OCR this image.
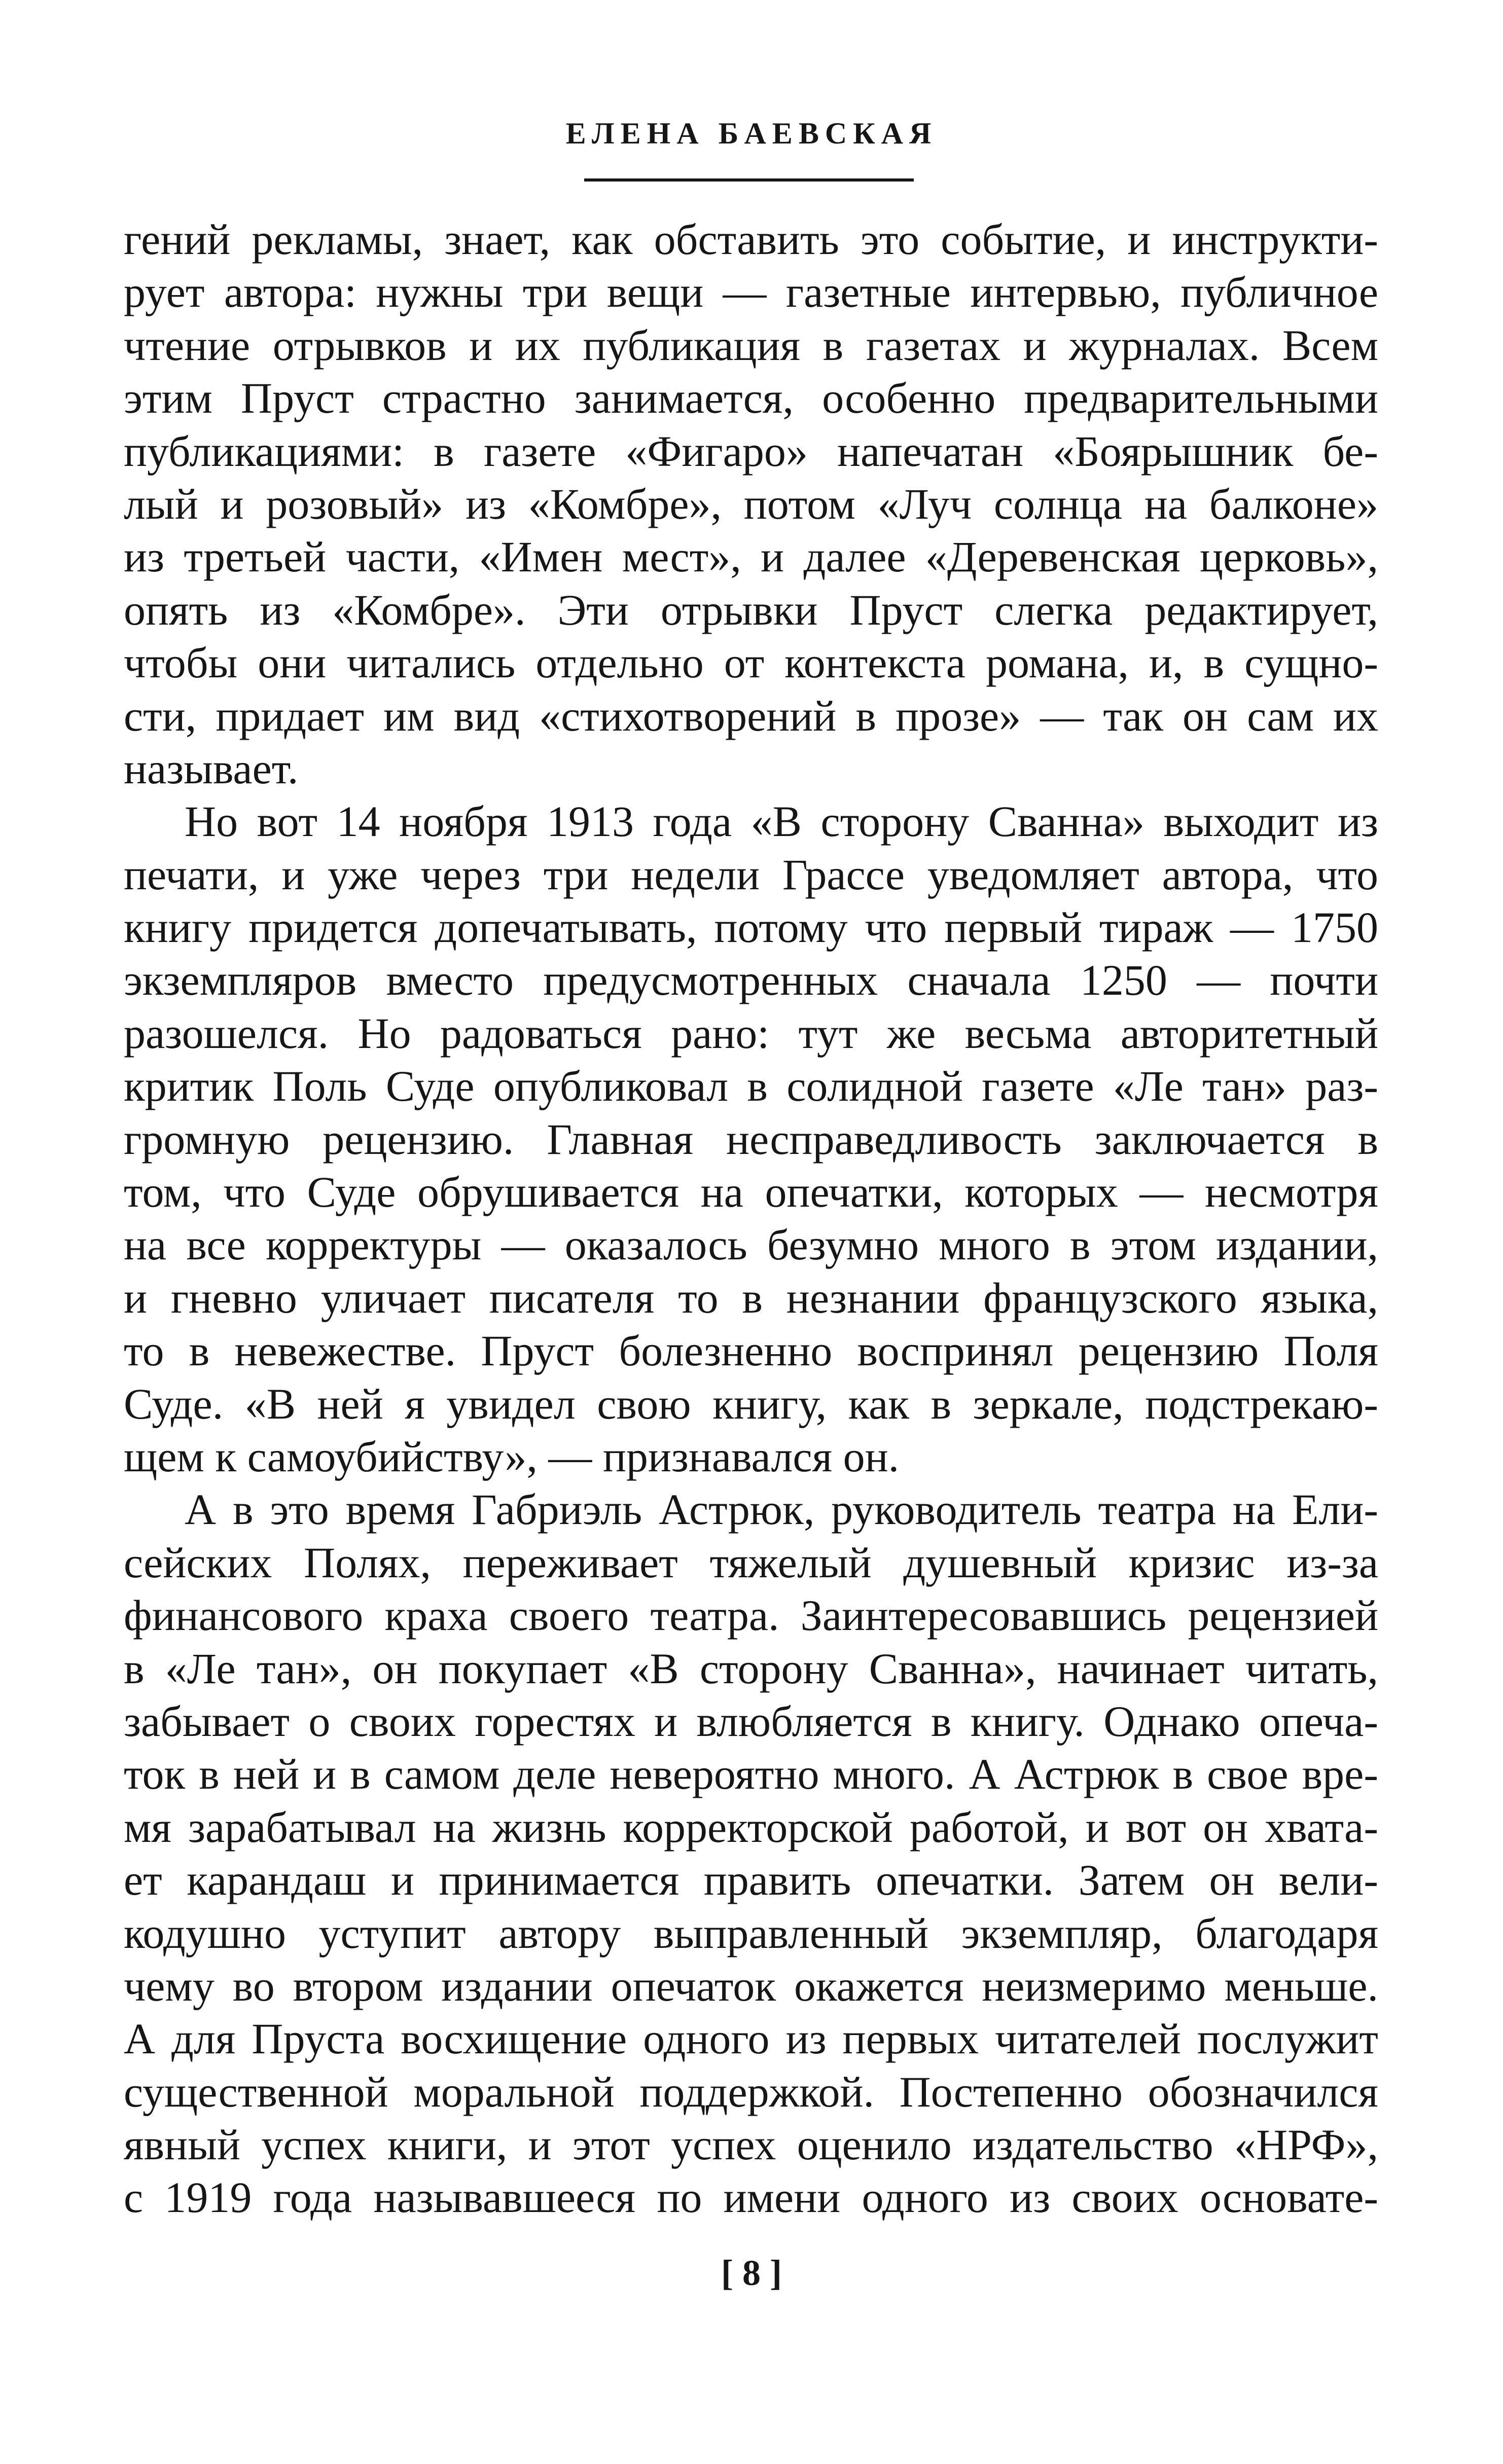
ЕЛЕНА БАЕВСКАЯ
гений рекламы, знает, как обставить это событие, и инструкти-
рует автора: нужны три вещи — газетные интервью, публичное
чтение отрывков и их публикация в газетах и журналах. Всем
этим Пруст страстно занимается, особенно предварительными
публикациями: в газете «Фигаро» напечатан «Боярышник бе-
лый и розовый» из «Комбре», потом «Луч солнца на балконе»
из третьей части, «Имен мест», и далее «Деревенская церковь»,
опять из «Комбре». Эти отрывки Пруст слегка редактирует,
чтобы они читались отдельно от контекста романа, и, в сущно-
сти, придает им вид «стихотворений в прозе» — так он сам их
называет.
Но вот 14 ноября 1913 года «В сторону Сванна» выходит из
печати, и уже через три недели Грассе уведомляет автора, что
книгу придется допечатывать, потому что первый тираж — 1750
экземпляров вместо предусмотренных сначала 1250 — почти
разошелся. Но радоваться рано: тут же весьма авторитетный
критик Поль Суде опубликовал в солидной газете «Ле тан» раз-
громную рецензию. Главная несправедливость заключается в
том, что Суде обрушивается на опечатки, которых — несмотря
на все корректуры — оказалось безумно много в этом издании,
и гневно уличает писателя то в незнании французского языка,
то в невежестве. Пруст болезненно воспринял рецензию Поля
Суде. «В ней я увидел свою книгу, как в зеркале, подстрекаю-
щем к самоубийству», — признавался он.
А в это время Габриэль Астрюк, руководитель театра на Ели-
сейских Полях, переживает тяжелый душевный кризис из-за
финансового краха своего театра. Заинтересовавшись рецензией
в «Ле тан», он покупает «В сторону Сванна», начинает читать,
забывает о своих горестях и влюбляется в книгу. Однако опеча-
ток в ней и в самом деле невероятно много. А Астрюк в свое вре-
мя зарабатывал на жизнь корректорской работой, и вот он хвата-
ет карандаш и принимается править опечатки. Затем он вели-
кодушно уступит автору выправленный экземпляр, благодаря
чему во втором издании опечаток окажется неизмеримо меньше.
А для Пруста восхищение одного из первых читателей послужит
существенной моральной поддержкой. Постепенно обозначился
явный успех книги, и этот успех оценило издательство «НРФ»,
с 1919 года называвшееся по имени одного из своих основате-
[ 8 ]
